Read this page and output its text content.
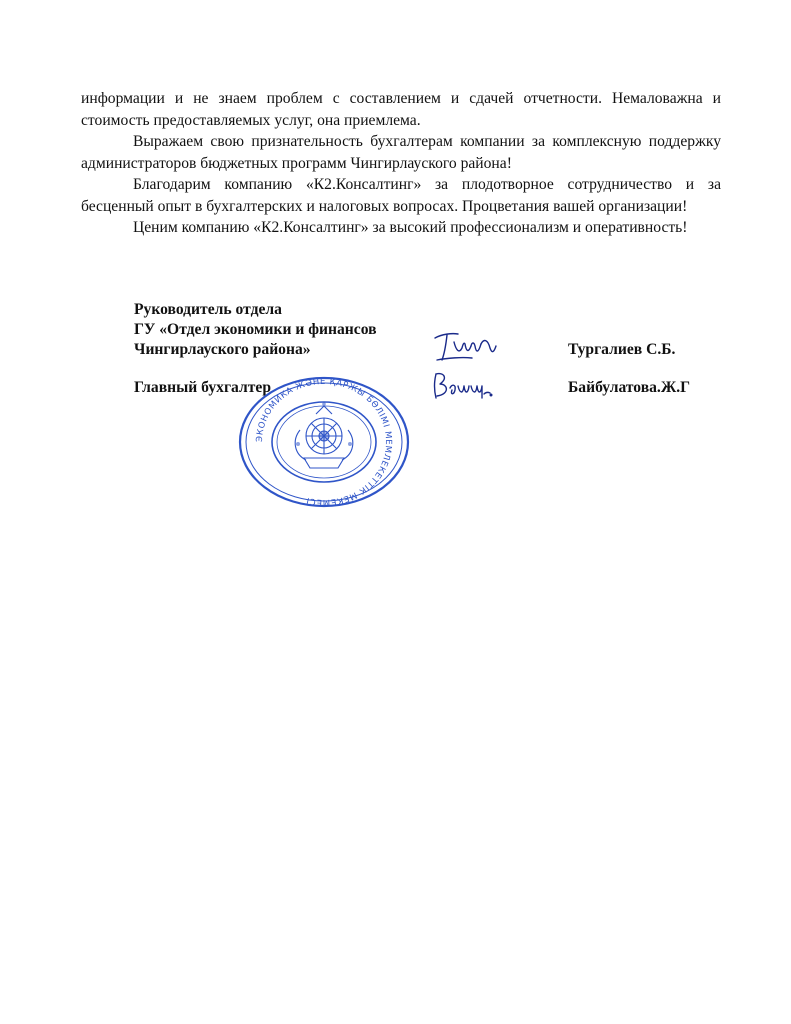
информации и не знаем проблем с составлением и сдачей отчетности. Немаловажна и стоимость предоставляемых услуг, она приемлема.

Выражаем свою признательность бухгалтерам компании за комплексную поддержку администраторов бюджетных программ Чингирлауского района!

Благодарим компанию «К2.Консалтинг» за плодотворное сотрудничество и за бесценный опыт в бухгалтерских и налоговых вопросах. Процветания вашей организации!

Ценим компанию «К2.Консалтинг» за высокий профессионализм и оперативность!

Руководитель отдела
ГУ «Отдел экономики и финансов
Чингирлауского района»	Тургалиев С.Б.
Главный бухгалтер	Байбулатова.Ж.Г
ЭКОНОМИКА ЖӘНЕ ҚАРЖЫ БӨЛІМІ МЕМЛЕКЕТТІК МЕКЕМЕСІ
